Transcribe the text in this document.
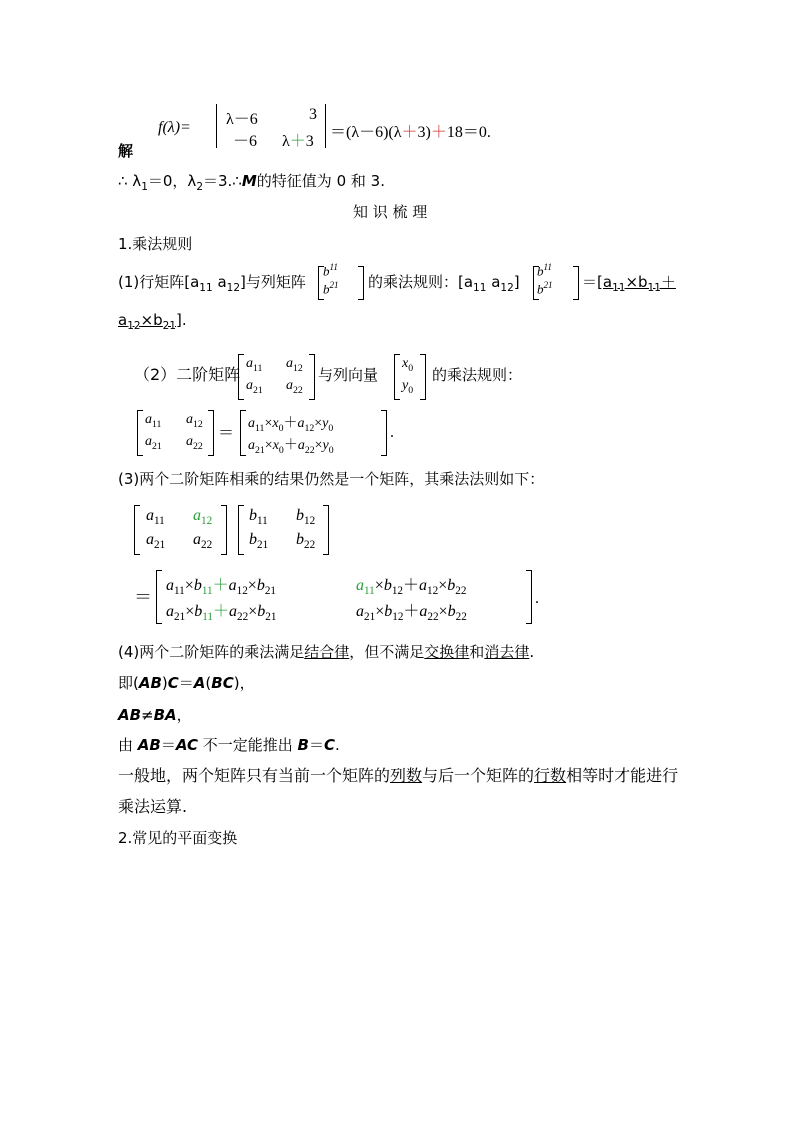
f(λ)= λ－6	3
－6 λ＋3
＝(λ－6)(λ＋3)＋18＝0.
解
∴ $\lambda_1=0$，$\lambda_2=3.\therefore M$的特征值为 0 和 3.
知 识 梳 理
1.乘法规则
(1)行矩阵[$a_{11}$ $a_{12}$]与列矩阵
$b^{11}$
$b^{21}$ 的乘法规则：[$a_{11}$ $a_{12}$]
$b^{11}$
$b^{21} =[a_{11}\times b_{11}+$
$a_{12}\times b_{21}$].
（2）二阶矩阵
$a_{11}$ $a_{12}$
$a_{21}$ $a_{22}$
与列向量
$x_0$
$y_0$
的乘法规则：
$a_{11}$ $a_{12}$
$a_{21}$ $a_{22}$
＝
$a_{11}\times x_0+a_{12}\times y_0$
$a_{21}\times x_0+a_{22}\times y_0$
.
(3)两个二阶矩阵相乘的结果仍然是一个矩阵，其乘法法则如下：
$a_{11}$ $a_{12}$
$a_{21}$ $a_{22}$
$b_{11}$ $b_{12}$
$b_{21}$ $b_{22}$
＝
$a_{11}\times b_{11}+a_{12}\times b_{21}$	$a_{11}\times b_{12}+a_{12}\times b_{22}$
$a_{21}\times b_{11}+a_{22}\times b_{21}$	$a_{21}\times b_{12}+a_{22}\times b_{22}$
.
(4)两个二阶矩阵的乘法满足结合律，但不满足交换律和消去律.
即(AB)C＝A(BC)，
AB≠BA，
由 AB＝AC 不一定能推出 B＝C.
一般地，两个矩阵只有当前一个矩阵的列数与后一个矩阵的行数相等时才能进行
乘法运算.
2.常见的平面变换
